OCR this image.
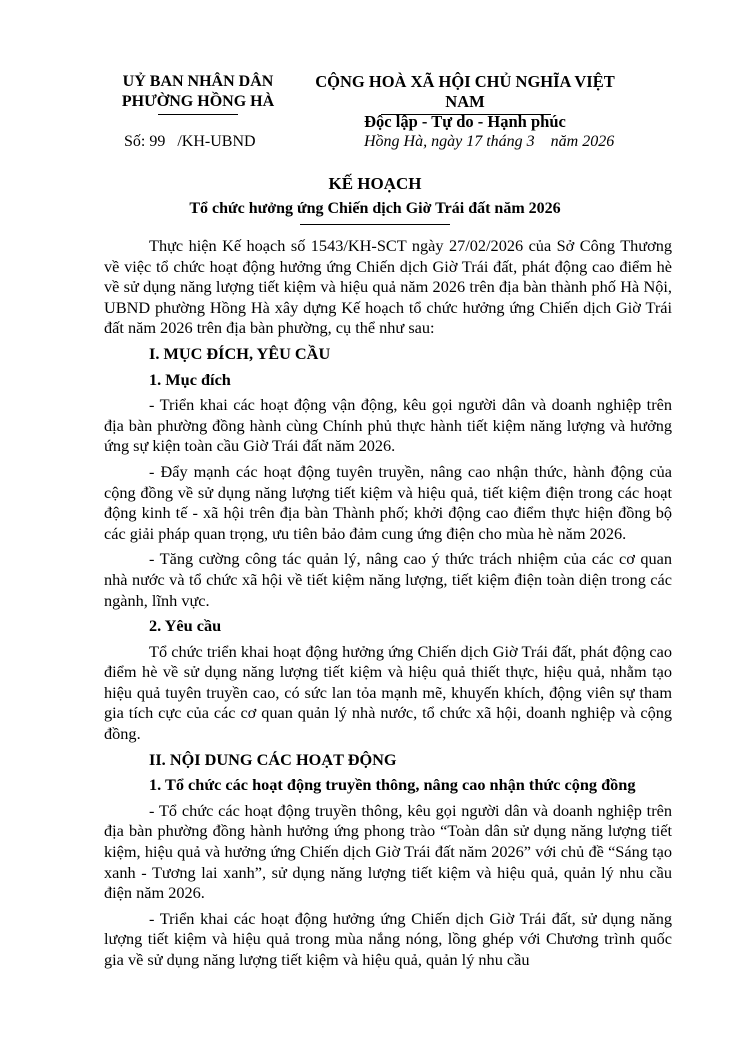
UỶ BAN NHÂN DÂN
PHƯỜNG HỒNG HÀ
CỘNG HOÀ XÃ HỘI CHỦ NGHĨA VIỆT NAM
Độc lập - Tự do - Hạnh phúc
Số: 99   /KH-UBND	Hồng Hà, ngày 17 tháng 3    năm 2026
KẾ HOẠCH
Tổ chức hưởng ứng Chiến dịch Giờ Trái đất năm 2026

Thực hiện Kế hoạch số 1543/KH-SCT ngày 27/02/2026 của Sở Công Thương về việc tổ chức hoạt động hưởng ứng Chiến dịch Giờ Trái đất, phát động cao điểm hè về sử dụng năng lượng tiết kiệm và hiệu quả năm 2026 trên địa bàn thành phố Hà Nội, UBND phường Hồng Hà xây dựng Kế hoạch tổ chức hưởng ứng Chiến dịch Giờ Trái đất năm 2026 trên địa bàn phường, cụ thể như sau:

I. MỤC ĐÍCH, YÊU CẦU
1. Mục đích

- Triển khai các hoạt động vận động, kêu gọi người dân và doanh nghiệp trên địa bàn phường đồng hành cùng Chính phủ thực hành tiết kiệm năng lượng và hưởng ứng sự kiện toàn cầu Giờ Trái đất năm 2026.

- Đẩy mạnh các hoạt động tuyên truyền, nâng cao nhận thức, hành động của cộng đồng về sử dụng năng lượng tiết kiệm và hiệu quả, tiết kiệm điện trong các hoạt động kinh tế - xã hội trên địa bàn Thành phố; khởi động cao điểm thực hiện đồng bộ các giải pháp quan trọng, ưu tiên bảo đảm cung ứng điện cho mùa hè năm 2026.

- Tăng cường công tác quản lý, nâng cao ý thức trách nhiệm của các cơ quan nhà nước và tổ chức xã hội về tiết kiệm năng lượng, tiết kiệm điện toàn diện trong các ngành, lĩnh vực.

2. Yêu cầu

Tổ chức triển khai hoạt động hưởng ứng Chiến dịch Giờ Trái đất, phát động cao điểm hè về sử dụng năng lượng tiết kiệm và hiệu quả thiết thực, hiệu quả, nhằm tạo hiệu quả tuyên truyền cao, có sức lan tỏa mạnh mẽ, khuyến khích, động viên sự tham gia tích cực của các cơ quan quản lý nhà nước, tổ chức xã hội, doanh nghiệp và cộng đồng.

II. NỘI DUNG CÁC HOẠT ĐỘNG
1. Tổ chức các hoạt động truyền thông, nâng cao nhận thức cộng đồng

- Tổ chức các hoạt động truyền thông, kêu gọi người dân và doanh nghiệp trên địa bàn phường đồng hành hưởng ứng phong trào “Toàn dân sử dụng năng lượng tiết kiệm, hiệu quả và hưởng ứng Chiến dịch Giờ Trái đất năm 2026” với chủ đề “Sáng tạo xanh - Tương lai xanh”, sử dụng năng lượng tiết kiệm và hiệu quả, quản lý nhu cầu điện năm 2026.

- Triển khai các hoạt động hưởng ứng Chiến dịch Giờ Trái đất, sử dụng năng lượng tiết kiệm và hiệu quả trong mùa nắng nóng, lồng ghép với Chương trình quốc gia về sử dụng năng lượng tiết kiệm và hiệu quả, quản lý nhu cầu
